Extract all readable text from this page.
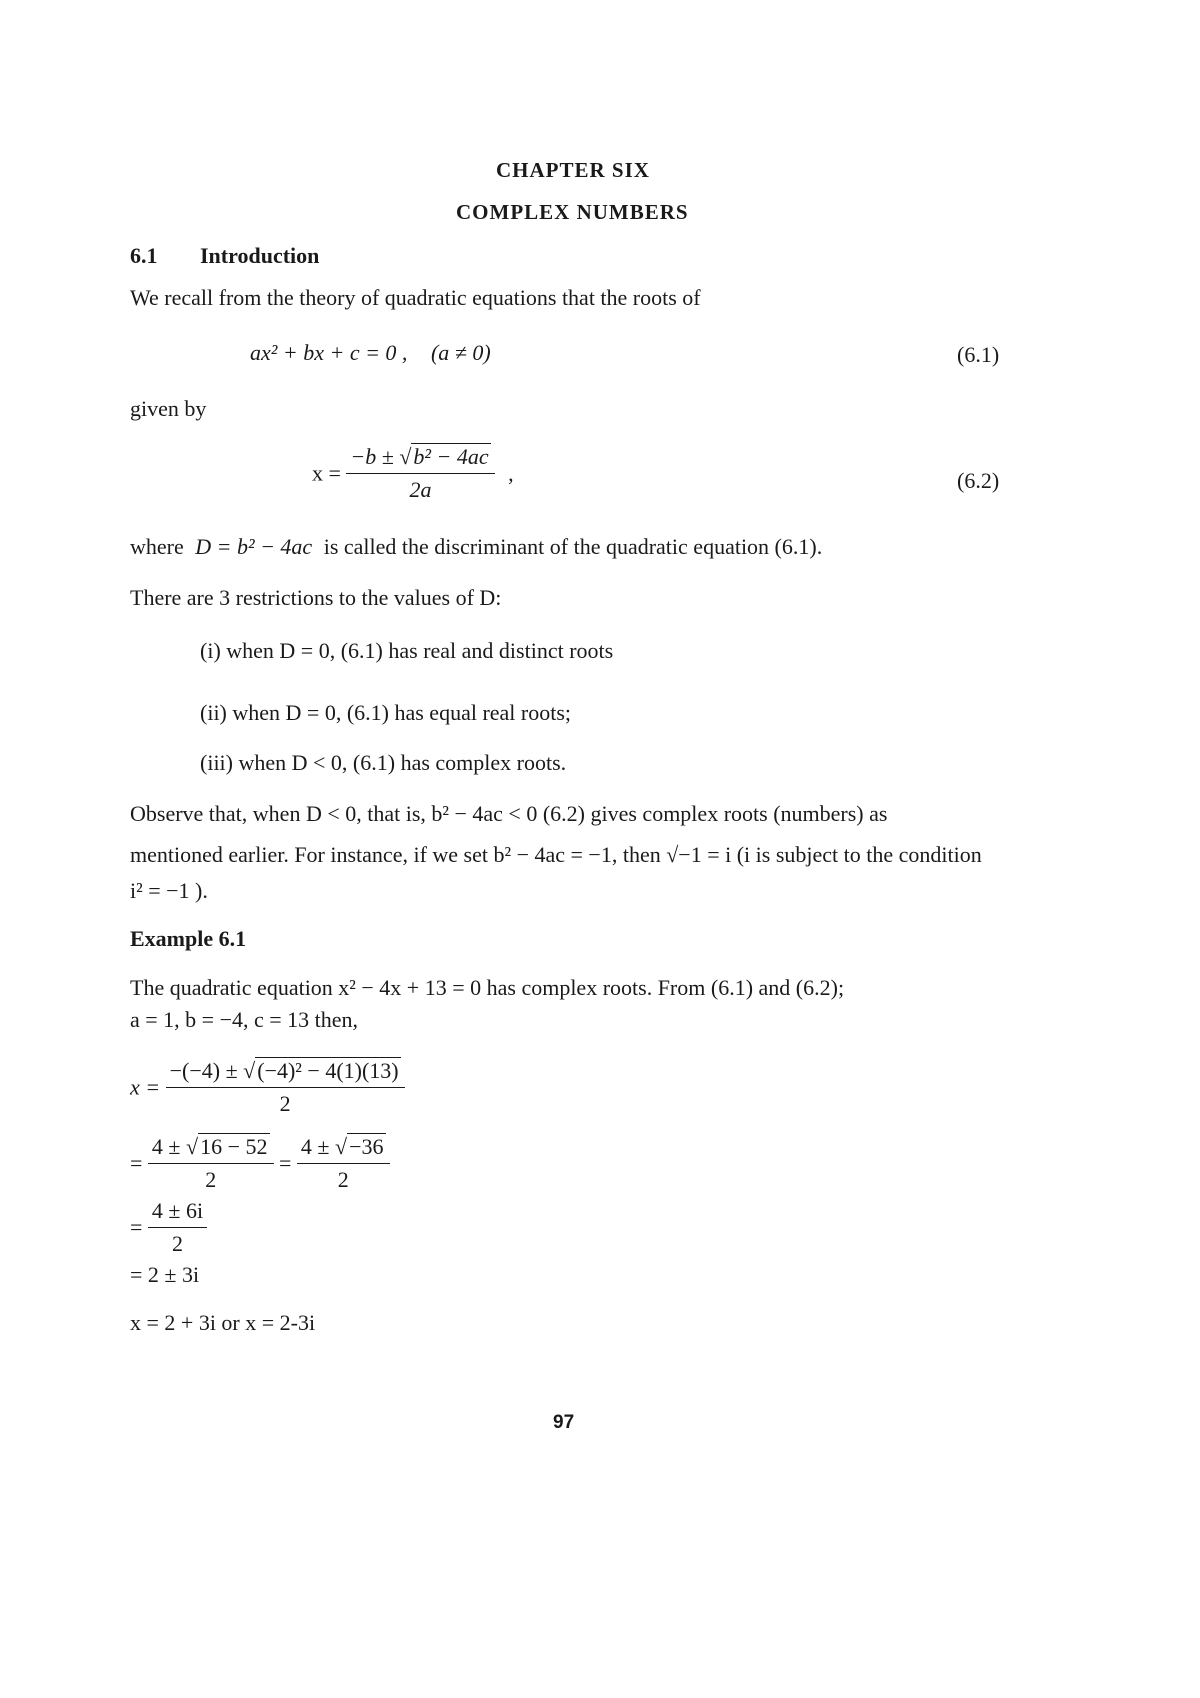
CHAPTER SIX
COMPLEX NUMBERS
6.1 Introduction
We recall from the theory of quadratic equations that the roots of
ax² + bx + c = 0 , (a ≠ 0)	(6.1)
given by
$x = \frac{\text{−b ± √b² − 4ac}}{2a}$ ,	(6.2)
where D = b² − 4ac is called the discriminant of the quadratic equation (6.1).
There are 3 restrictions to the values of D:
(i) when D = 0, (6.1) has real and distinct roots
(ii) when D = 0, (6.1) has equal real roots;
(iii) when D < 0, (6.1) has complex roots.
Observe that, when D < 0, that is, b² − 4ac < 0 (6.2) gives complex roots (numbers) as
mentioned earlier. For instance, if we set b² − 4ac = −1, then √−1 = i (i is subject to the condition
i² = −1 ).
Example 6.1
The quadratic equation x² − 4x + 13 = 0 has complex roots. From (6.1) and (6.2);
a = 1, b = −4, c = 13 then,
$x = \frac{\text{−(−4) ± √(−4)² − 4(1)(13)}}{2}$
= $\frac{4 \pm √16 - 52}{2} = \frac{4 \pm √-36}{2}$
= $\frac{4 \pm 6i}{2}$
= 2 ± 3i
x = 2 + 3i or x = 2-3i
97
